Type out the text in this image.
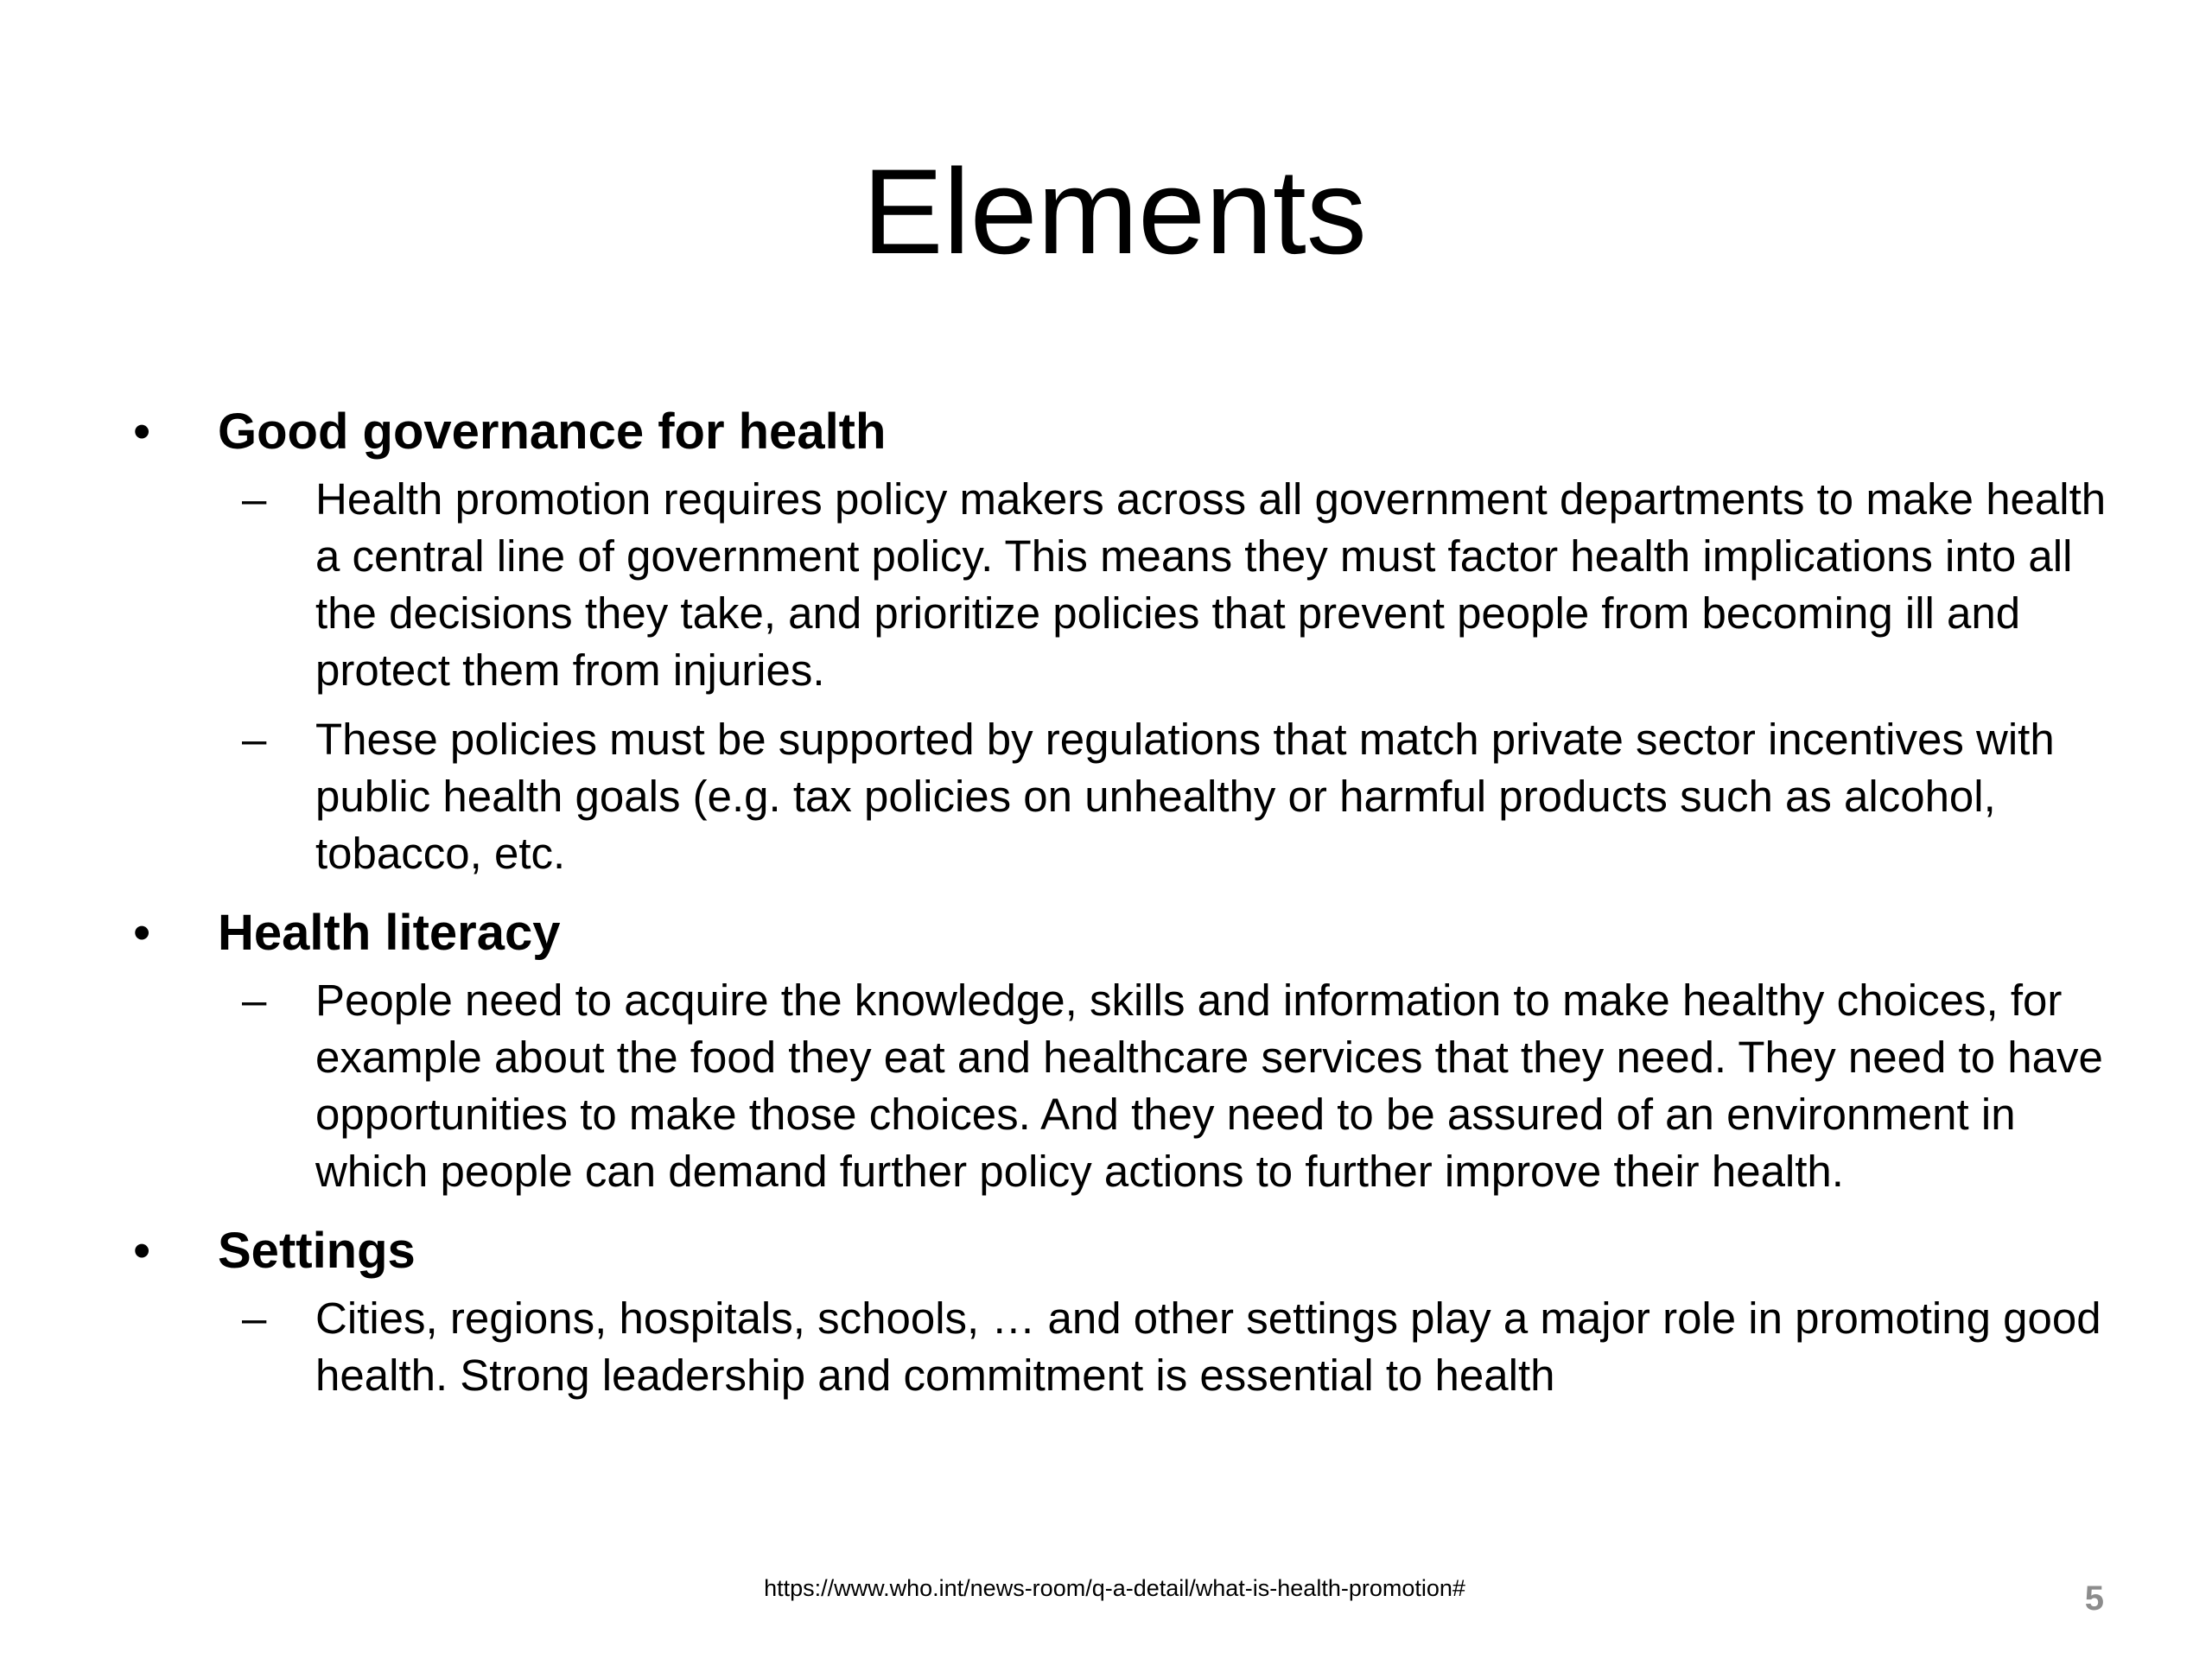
Elements
• Good governance for health
– Health promotion requires policy makers across all government departments to make health a central line of government policy. This means they must factor health implications into all the decisions they take, and prioritize policies that prevent people from becoming ill and protect them from injuries.
– These policies must be supported by regulations that match private sector incentives with public health goals (e.g. tax policies on unhealthy or harmful products such as alcohol, tobacco, etc.
• Health literacy
– People need to acquire the knowledge, skills and information to make healthy choices, for example about the food they eat and healthcare services that they need. They need to have opportunities to make those choices. And they need to be assured of an environment in which people can demand further policy actions to further improve their health.
• Settings
– Cities, regions, hospitals, schools, … and other settings play a major role in promoting good health. Strong leadership and commitment is essential to health
https://www.who.int/news-room/q-a-detail/what-is-health-promotion#	5
